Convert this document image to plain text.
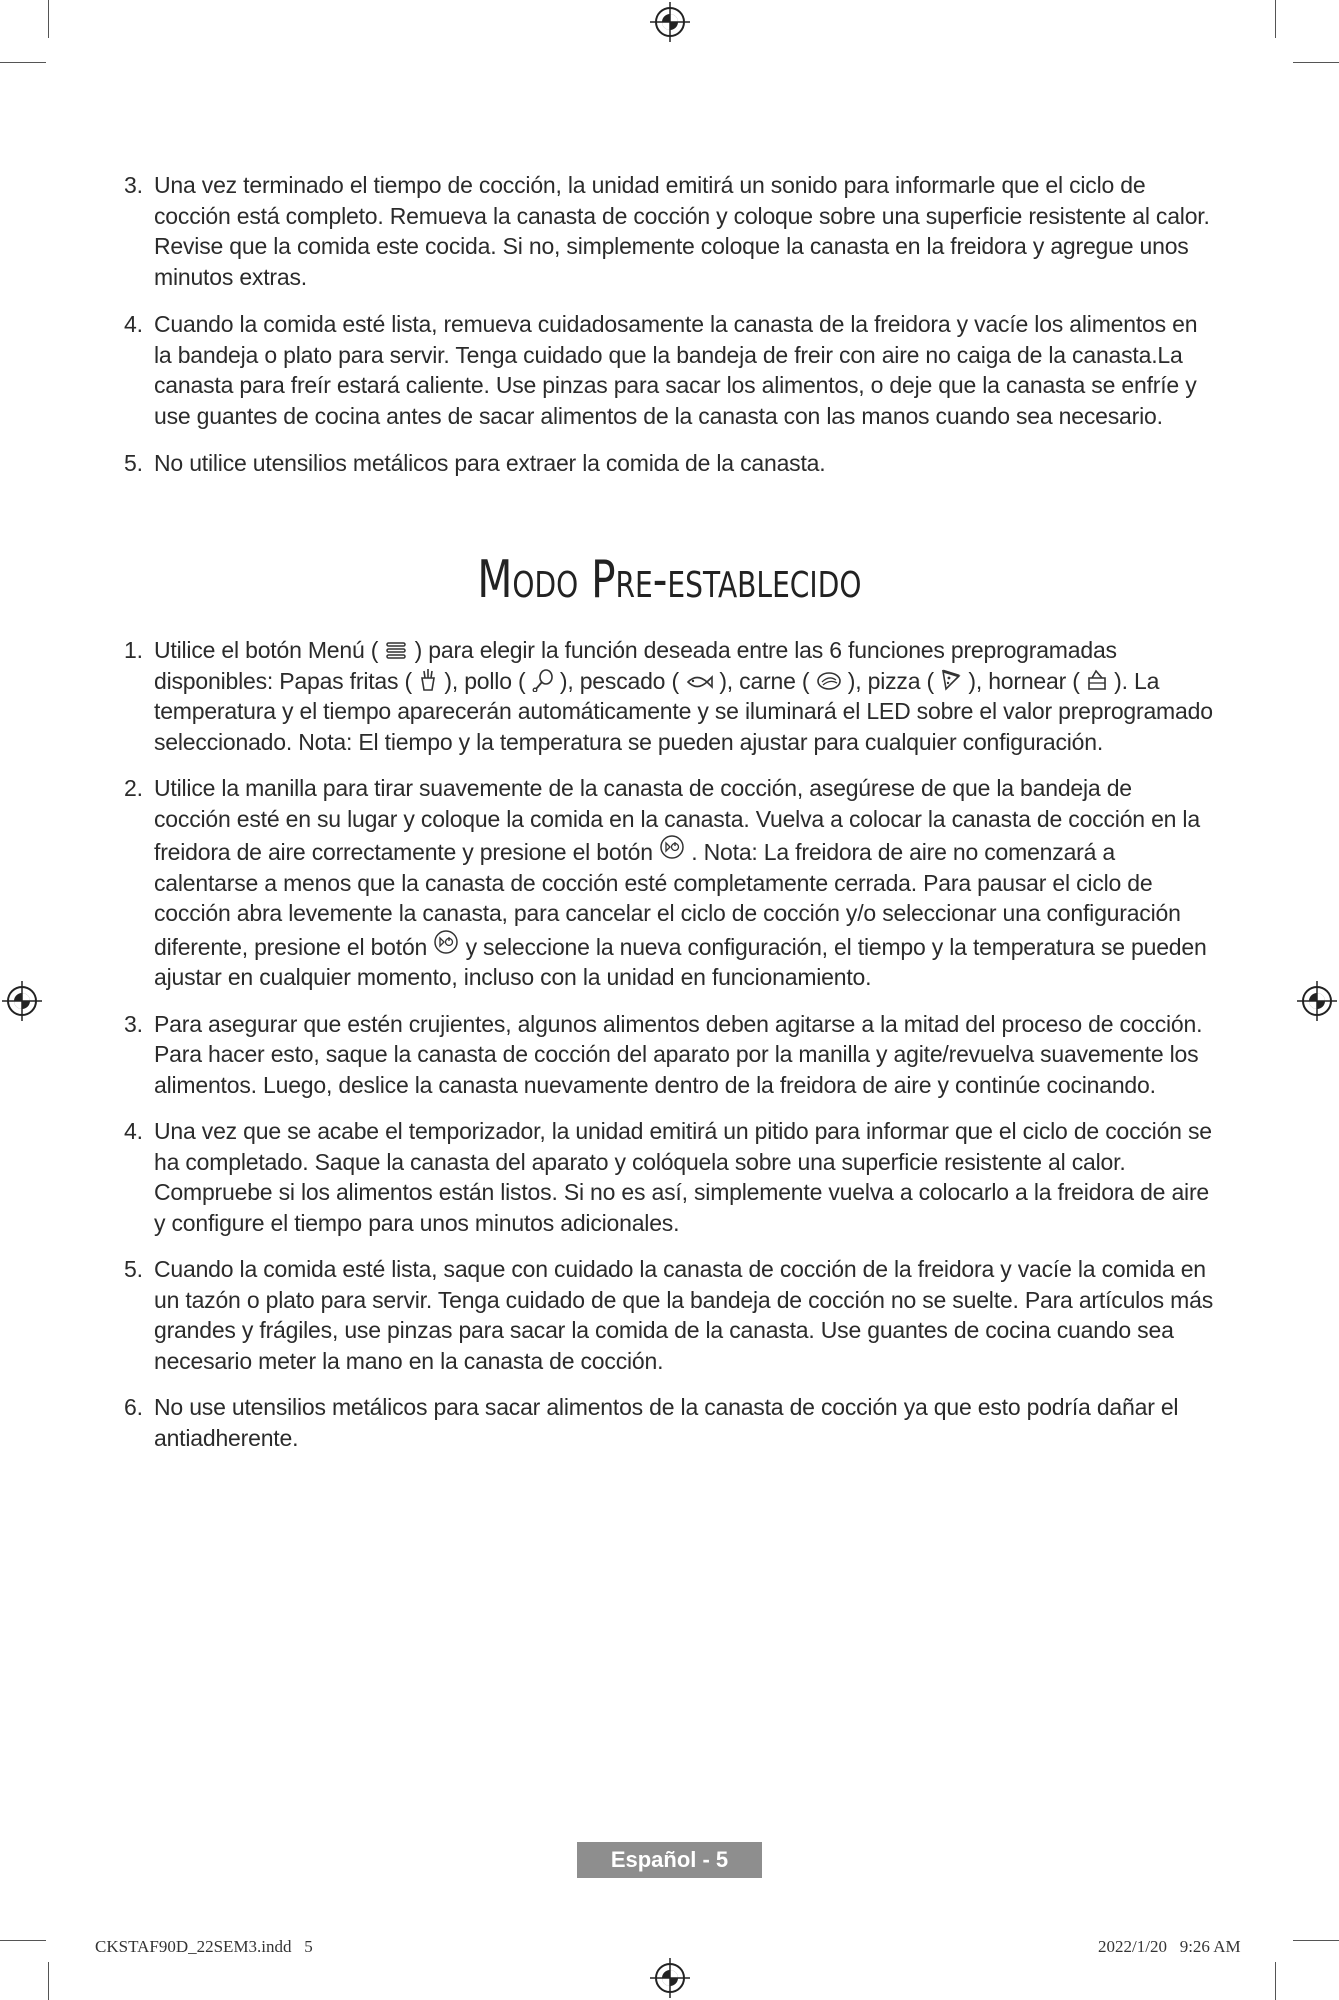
3. Una vez terminado el tiempo de cocción, la unidad emitirá un sonido para informarle que el ciclo de cocción está completo. Remueva la canasta de cocción y coloque sobre una superficie resistente al calor. Revise que la comida este cocida. Si no, simplemente coloque la canasta en la freidora y agregue unos minutos extras.
4. Cuando la comida esté lista, remueva cuidadosamente la canasta de la freidora y vacíe los alimentos en la bandeja o plato para servir. Tenga cuidado que la bandeja de freir con aire no caiga de la canasta.La canasta para freír estará caliente. Use pinzas para sacar los alimentos, o deje que la canasta se enfríe y use guantes de cocina antes de sacar alimentos de la canasta con las manos cuando sea necesario.
5. No utilice utensilios metálicos para extraer la comida de la canasta.
Modo Pre-establecido
1. Utilice el botón Menú ( ) para elegir la función deseada entre las 6 funciones preprogramadas disponibles: Papas fritas ( ), pollo ( ), pescado ( ), carne ( ), pizza ( ), hornear ( ). La temperatura y el tiempo aparecerán automáticamente y se iluminará el LED sobre el valor preprogramado seleccionado. Nota: El tiempo y la temperatura se pueden ajustar para cualquier configuración.
2. Utilice la manilla para tirar suavemente de la canasta de cocción, asegúrese de que la bandeja de cocción esté en su lugar y coloque la comida en la canasta. Vuelva a colocar la canasta de cocción en la freidora de aire correctamente y presione el botón . Nota: La freidora de aire no comenzará a calentarse a menos que la canasta de cocción esté completamente cerrada. Para pausar el ciclo de cocción abra levemente la canasta, para cancelar el ciclo de cocción y/o seleccionar una configuración diferente, presione el botón y seleccione la nueva configuración, el tiempo y la temperatura se pueden ajustar en cualquier momento, incluso con la unidad en funcionamiento.
3. Para asegurar que estén crujientes, algunos alimentos deben agitarse a la mitad del proceso de cocción. Para hacer esto, saque la canasta de cocción del aparato por la manilla y agite/revuelva suavemente los alimentos. Luego, deslice la canasta nuevamente dentro de la freidora de aire y continúe cocinando.
4. Una vez que se acabe el temporizador, la unidad emitirá un pitido para informar que el ciclo de cocción se ha completado. Saque la canasta del aparato y colóquela sobre una superficie resistente al calor. Compruebe si los alimentos están listos. Si no es así, simplemente vuelva a colocarlo a la freidora de aire y configure el tiempo para unos minutos adicionales.
5. Cuando la comida esté lista, saque con cuidado la canasta de cocción de la freidora y vacíe la comida en un tazón o plato para servir. Tenga cuidado de que la bandeja de cocción no se suelte. Para artículos más grandes y frágiles, use pinzas para sacar la comida de la canasta. Use guantes de cocina cuando sea necesario meter la mano en la canasta de cocción.
6. No use utensilios metálicos para sacar alimentos de la canasta de cocción ya que esto podría dañar el antiadherente.
Español - 5
CKSTAF90D_22SEM3.indd   5	2022/1/20   9:26 AM
